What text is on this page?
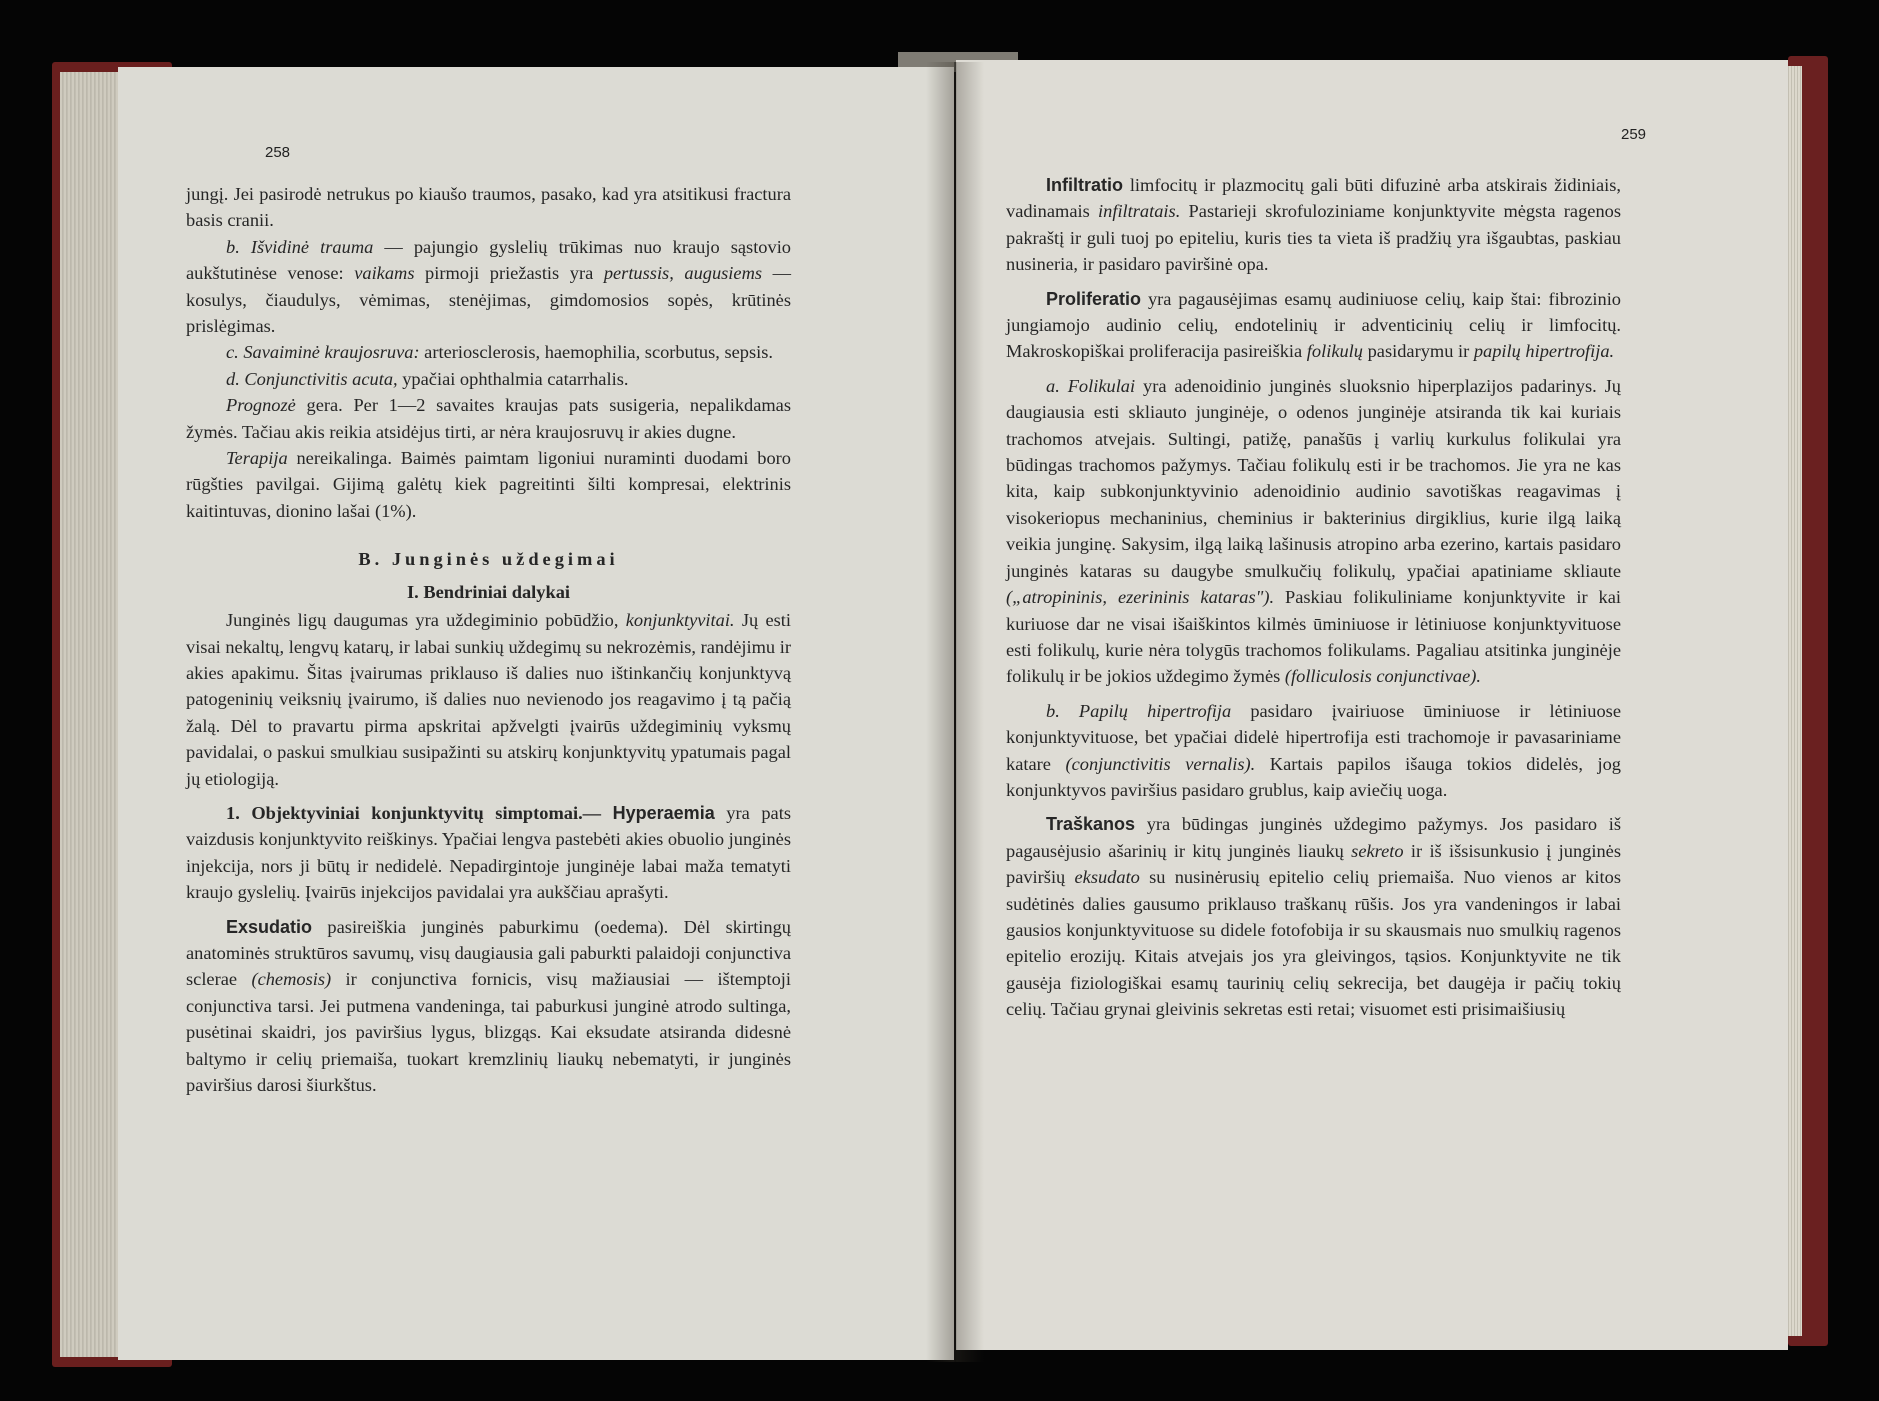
258
259

jungį. Jei pasirodė netrukus po kiaušo traumos, pasako, kad yra atsitikusi fractura basis cranii.

b. Išvidinė trauma — pajungio gyslelių trūkimas nuo kraujo sąstovio aukštutinėse venose: vaikams pirmoji priežastis yra pertussis, augusiems — kosulys, čiaudulys, vėmimas, stenėjimas, gimdomosios sopės, krūtinės prislėgimas.

c. Savaiminė kraujosruva: arteriosclerosis, haemophilia, scorbutus, sepsis.

d. Conjunctivitis acuta, ypačiai ophthalmia catarrhalis.

Prognozė gera. Per 1—2 savaites kraujas pats susigeria, nepalikdamas žymės. Tačiau akis reikia atsidėjus tirti, ar nėra kraujosruvų ir akies dugne.

Terapija nereikalinga. Baimės paimtam ligoniui nuraminti duodami boro rūgšties pavilgai. Gijimą galėtų kiek pagreitinti šilti kompresai, elektrinis kaitintuvas, dionino lašai (1%).

B. Junginės uždegimai

I. Bendriniai dalykai

Junginės ligų daugumas yra uždegiminio pobūdžio, konjunktyvitai. Jų esti visai nekaltų, lengvų katarų, ir labai sunkių uždegimų su nekrozėmis, randėjimu ir akies apakimu. Šitas įvairumas priklauso iš dalies nuo ištinkančių konjunktyvą patogeninių veiksnių įvairumo, iš dalies nuo nevienodo jos reagavimo į tą pačią žalą. Dėl to pravartu pirma apskritai apžvelgti įvairūs uždegiminių vyksmų pavidalai, o paskui smulkiau susipažinti su atskirų konjunktyvitų ypatumais pagal jų etiologiją.

1. Objektyviniai konjunktyvitų simptomai.— Hyperaemia yra pats vaizdusis konjunktyvito reiškinys. Ypačiai lengva pastebėti akies obuolio junginės injekcija, nors ji būtų ir nedidelė. Nepadirgintoje junginėje labai maža tematyti kraujo gyslelių. Įvairūs injekcijos pavidalai yra aukščiau aprašyti.

Exsudatio pasireiškia junginės paburkimu (oedema). Dėl skirtingų anatominės struktūros savumų, visų daugiausia gali paburkti palaidoji conjunctiva sclerae (chemosis) ir conjunctiva fornicis, visų mažiausiai — ištemptoji conjunctiva tarsi. Jei putmena vandeninga, tai paburkusi junginė atrodo sultinga, pusėtinai skaidri, jos paviršius lygus, blizgąs. Kai eksudate atsiranda didesnė baltymo ir celių priemaiša, tuokart kremzlinių liaukų nebematyti, ir junginės paviršius darosi šiurkštus.

Infiltratio limfocitų ir plazmocitų gali būti difuzinė arba atskirais židiniais, vadinamais infiltratais. Pastarieji skrofuloziniame konjunktyvite mėgsta ragenos pakraštį ir guli tuoj po epiteliu, kuris ties ta vieta iš pradžių yra išgaubtas, paskiau nusineria, ir pasidaro paviršinė opa.

Proliferatio yra pagausėjimas esamų audiniuose celių, kaip štai: fibrozinio jungiamojo audinio celių, endotelinių ir adventicinių celių ir limfocitų. Makroskopiškai proliferacija pasireiškia folikulų pasidarymu ir papilų hipertrofija.

a. Folikulai yra adenoidinio junginės sluoksnio hiperplazijos padarinys. Jų daugiausia esti skliauto junginėje, o odenos junginėje atsiranda tik kai kuriais trachomos atvejais. Sultingi, patižę, panašūs į varlių kurkulus folikulai yra būdingas trachomos pažymys. Tačiau folikulų esti ir be trachomos. Jie yra ne kas kita, kaip subkonjunktyvinio adenoidinio audinio savotiškas reagavimas į visokeriopus mechaninius, cheminius ir bakterinius dirgiklius, kurie ilgą laiką veikia junginę. Sakysim, ilgą laiką lašinusis atropino arba ezerino, kartais pasidaro junginės kataras su daugybe smulkučių folikulų, ypačiai apatiniame skliaute („atropininis, ezerininis kataras"). Paskiau folikuliniame konjunktyvite ir kai kuriuose dar ne visai išaiškintos kilmės ūminiuose ir lėtiniuose konjunktyvituose esti folikulų, kurie nėra tolygūs trachomos folikulams. Pagaliau atsitinka junginėje folikulų ir be jokios uždegimo žymės (folliculosis conjunctivae).

b. Papilų hipertrofija pasidaro įvairiuose ūminiuose ir lėtiniuose konjunktyvituose, bet ypačiai didelė hipertrofija esti trachomoje ir pavasariniame katare (conjunctivitis vernalis). Kartais papilos išauga tokios didelės, jog konjunktyvos paviršius pasidaro grublus, kaip aviečių uoga.

Traškanos yra būdingas junginės uždegimo pažymys. Jos pasidaro iš pagausėjusio ašarinių ir kitų junginės liaukų sekreto ir iš išsisunkusio į junginės paviršių eksudato su nusinėrusių epitelio celių priemaiša. Nuo vienos ar kitos sudėtinės dalies gausumo priklauso traškanų rūšis. Jos yra vandeningos ir labai gausios konjunktyvituose su didele fotofobija ir su skausmais nuo smulkių ragenos epitelio erozijų. Kitais atvejais jos yra gleivingos, tąsios. Konjunktyvite ne tik gausėja fiziologiškai esamų taurinių celių sekrecija, bet daugėja ir pačių tokių celių. Tačiau grynai gleivinis sekretas esti retai; visuomet esti prisimaišiusių
